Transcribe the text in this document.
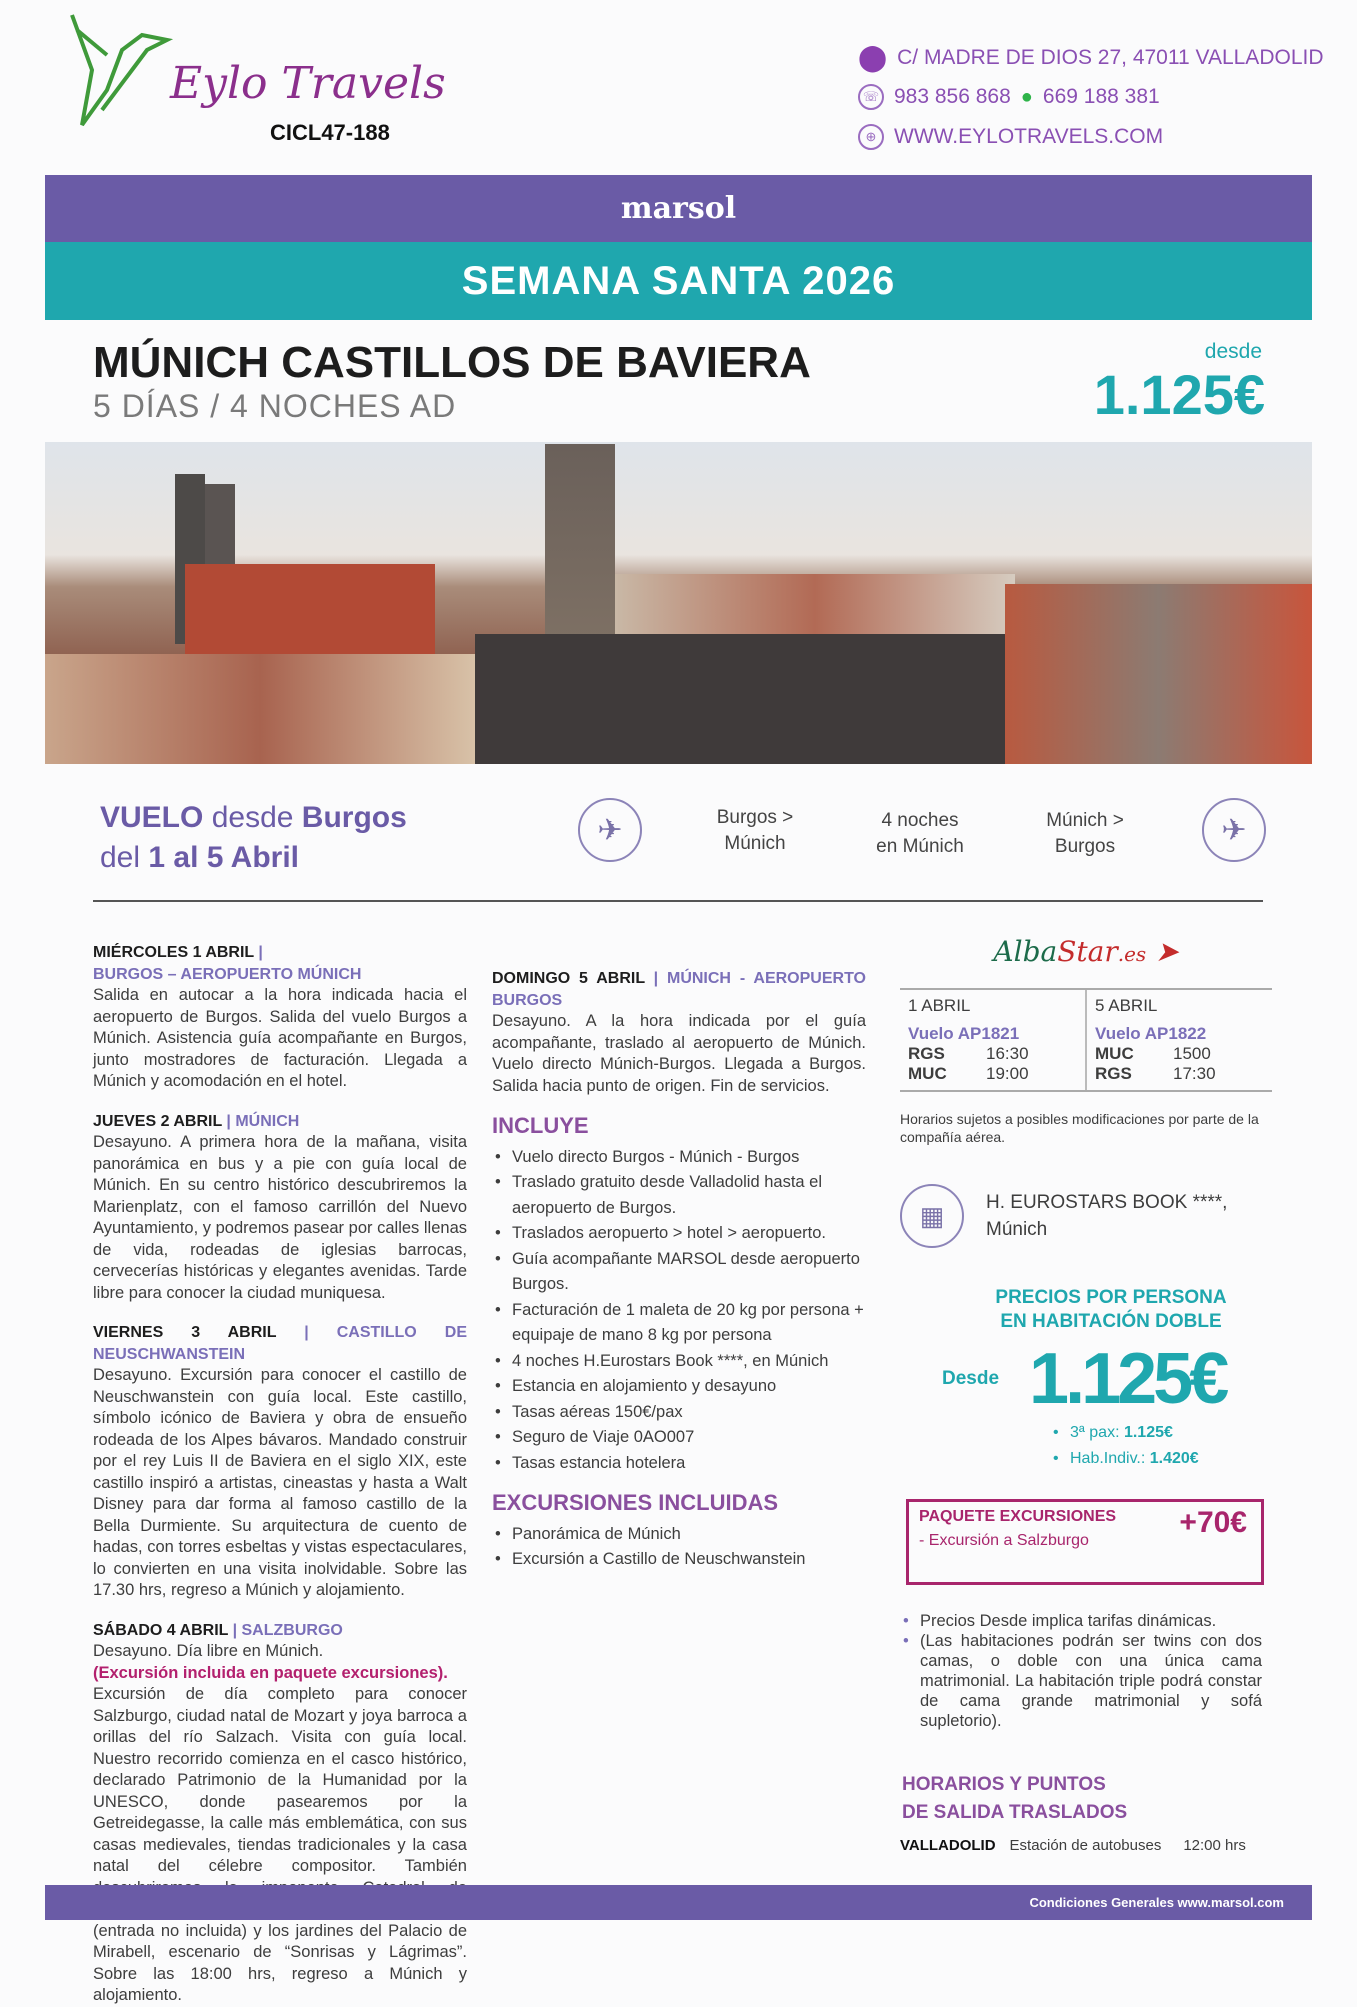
Eylo Travels
CICL47-188
⬤ C/ MADRE DE DIOS 27, 47011 VALLADOLID
☏ 983 856 868 ● 669 188 381
⊕ WWW.EYLOTRAVELS.COM
marsol
SEMANA SANTA 2026
MÚNICH CASTILLOS DE BAVIERA
5 DÍAS / 4 NOCHES AD
desde
1.125€
VUELO desde Burgos
del 1 al 5 Abril
✈	Burgos >
Múnich
4 noches
en Múnich
Múnich >
Burgos	✈
MIÉRCOLES 1 ABRIL |
BURGOS – AEROPUERTO MÚNICH
Salida en autocar a la hora indicada hacia el aeropuerto de Burgos. Salida del vuelo Burgos a Múnich. Asistencia guía acompañante en Burgos, junto mostradores de facturación. Llegada a Múnich y acomodación en el hotel.
JUEVES 2 ABRIL | MÚNICH
Desayuno. A primera hora de la mañana, visita panorámica en bus y a pie con guía local de Múnich. En su centro histórico descubriremos la Marienplatz, con el famoso carrillón del Nuevo Ayuntamiento, y podremos pasear por calles llenas de vida, rodeadas de iglesias barrocas, cervecerías históricas y elegantes avenidas. Tarde libre para conocer la ciudad muniquesa.
VIERNES 3 ABRIL | CASTILLO DE NEUSCHWANSTEIN
Desayuno. Excursión para conocer el castillo de Neuschwanstein con guía local. Este castillo, símbolo icónico de Baviera y obra de ensueño rodeada de los Alpes bávaros. Mandado construir por el rey Luis II de Baviera en el siglo XIX, este castillo inspiró a artistas, cineastas y hasta a Walt Disney para dar forma al famoso castillo de la Bella Durmiente. Su arquitectura de cuento de hadas, con torres esbeltas y vistas espectaculares, lo convierten en una visita inolvidable. Sobre las 17.30 hrs, regreso a Múnich y alojamiento.
SÁBADO 4 ABRIL | SALZBURGO
Desayuno. Día libre en Múnich.
(Excursión incluida en paquete excursiones).
Excursión de día completo para conocer Salzburgo, ciudad natal de Mozart y joya barroca a orillas del río Salzach. Visita con guía local. Nuestro recorrido comienza en el casco histórico, declarado Patrimonio de la Humanidad por la UNESCO, donde pasearemos por la Getreidegasse, la calle más emblemática, con sus casas medievales, tiendas tradicionales y la casa natal del célebre compositor. También (entrada no incluida) y los jardines del Palacio de Mirabell, escenario de “Sonrisas y Lágrimas”. Sobre las 18:00 hrs, regreso a Múnich y alojamiento.
DOMINGO 5 ABRIL | MÚNICH - AEROPUERTO BURGOS
Desayuno. A la hora indicada por el guía acompañante, traslado al aeropuerto de Múnich. Vuelo directo Múnich-Burgos. Llegada a Burgos. Salida hacia punto de origen. Fin de servicios.
INCLUYE
• Vuelo directo Burgos - Múnich - Burgos
• Traslado gratuito desde Valladolid hasta el aeropuerto de Burgos.
• Traslados aeropuerto > hotel > aeropuerto.
• Guía acompañante MARSOL desde aeropuerto Burgos.
• Facturación de 1 maleta de 20 kg por persona + equipaje de mano 8 kg por persona
• 4 noches H.Eurostars Book ****, en Múnich
• Estancia en alojamiento y desayuno
• Tasas aéreas 150€/pax
• Seguro de Viaje 0AO007
• Tasas estancia hotelera
EXCURSIONES INCLUIDAS
• Panorámica de Múnich
• Excursión a Castillo de Neuschwanstein
AlbaStar.es ➤
1 ABRIL
Vuelo AP1821
RGS	16:30
MUC	19:00
5 ABRIL
Vuelo AP1822
MUC	1500
RGS	17:30
Horarios sujetos a posibles modificaciones por parte de la compañía aérea.
▦	H. EUROSTARS BOOK ****,
Múnich
PRECIOS POR PERSONA
EN HABITACIÓN DOBLE
Desde 1.125€
• 3ª pax: 1.125€
• Hab.Indiv.: 1.420€
PAQUETE EXCURSIONES
- Excursión a Salzburgo
+70€
• Precios Desde implica tarifas dinámicas.
• (Las habitaciones podrán ser twins con dos camas, o doble con una única cama matrimonial. La habitación triple podrá constar de cama grande matrimonial y sofá supletorio).
HORARIOS Y PUNTOS
DE SALIDA TRASLADOS
VALLADOLID Estación de autobuses 12:00 hrs
Condiciones Generales www.marsol.com
